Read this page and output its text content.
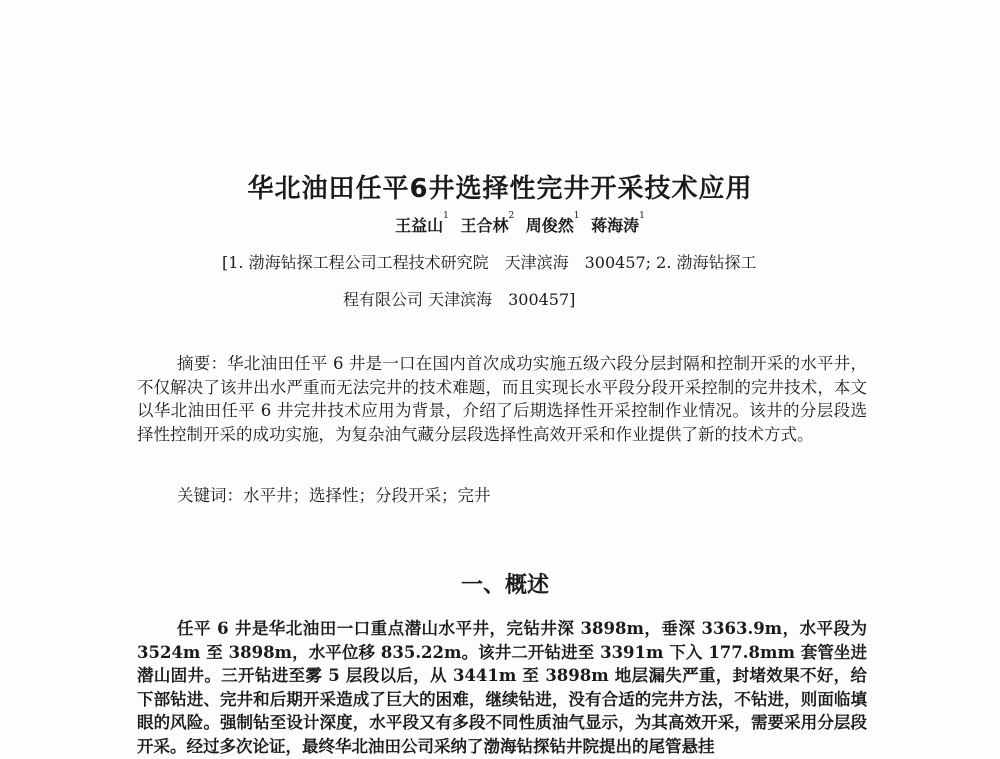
华北油田任平6井选择性完井开采技术应用
王益山$^1$ 王合林$^2$ 周俊然$^1$ 蒋海涛$^1$
[1. 渤海钻探工程公司工程技术研究院　天津滨海　300457; 2. 渤海钻探工
程有限公司 天津滨海　300457]
摘要：华北油田任平 6 井是一口在国内首次成功实施五级六段分层封隔和控制开采的水平井，不仅解决了该井出水严重而无法完井的技术难题，而且实现长水平段分段开采控制的完井技术，本文以华北油田任平 6 井完井技术应用为背景，介绍了后期选择性开采控制作业情况。该井的分层段选择性控制开采的成功实施，为复杂油气藏分层段选择性高效开采和作业提供了新的技术方式。
关键词：水平井；选择性；分段开采；完井
一、概述
任平 6 井是华北油田一口重点潜山水平井，完钻井深 3898m，垂深 3363.9m，水平段为 3524m 至 3898m，水平位移 835.22m。该井二开钻进至 3391m 下入 177.8mm 套管坐进潜山固井。三开钻进至雾 5 层段以后，从 3441m 至 3898m 地层漏失严重，封堵效果不好，给下部钻进、完井和后期开采造成了巨大的困难，继续钻进，没有合适的完井方法，不钻进，则面临填眼的风险。强制钻至设计深度，水平段又有多段不同性质油气显示，为其高效开采，需要采用分层段开采。经过多次论证，最终华北油田公司采纳了渤海钻探钻井院提出的尾管悬挂
